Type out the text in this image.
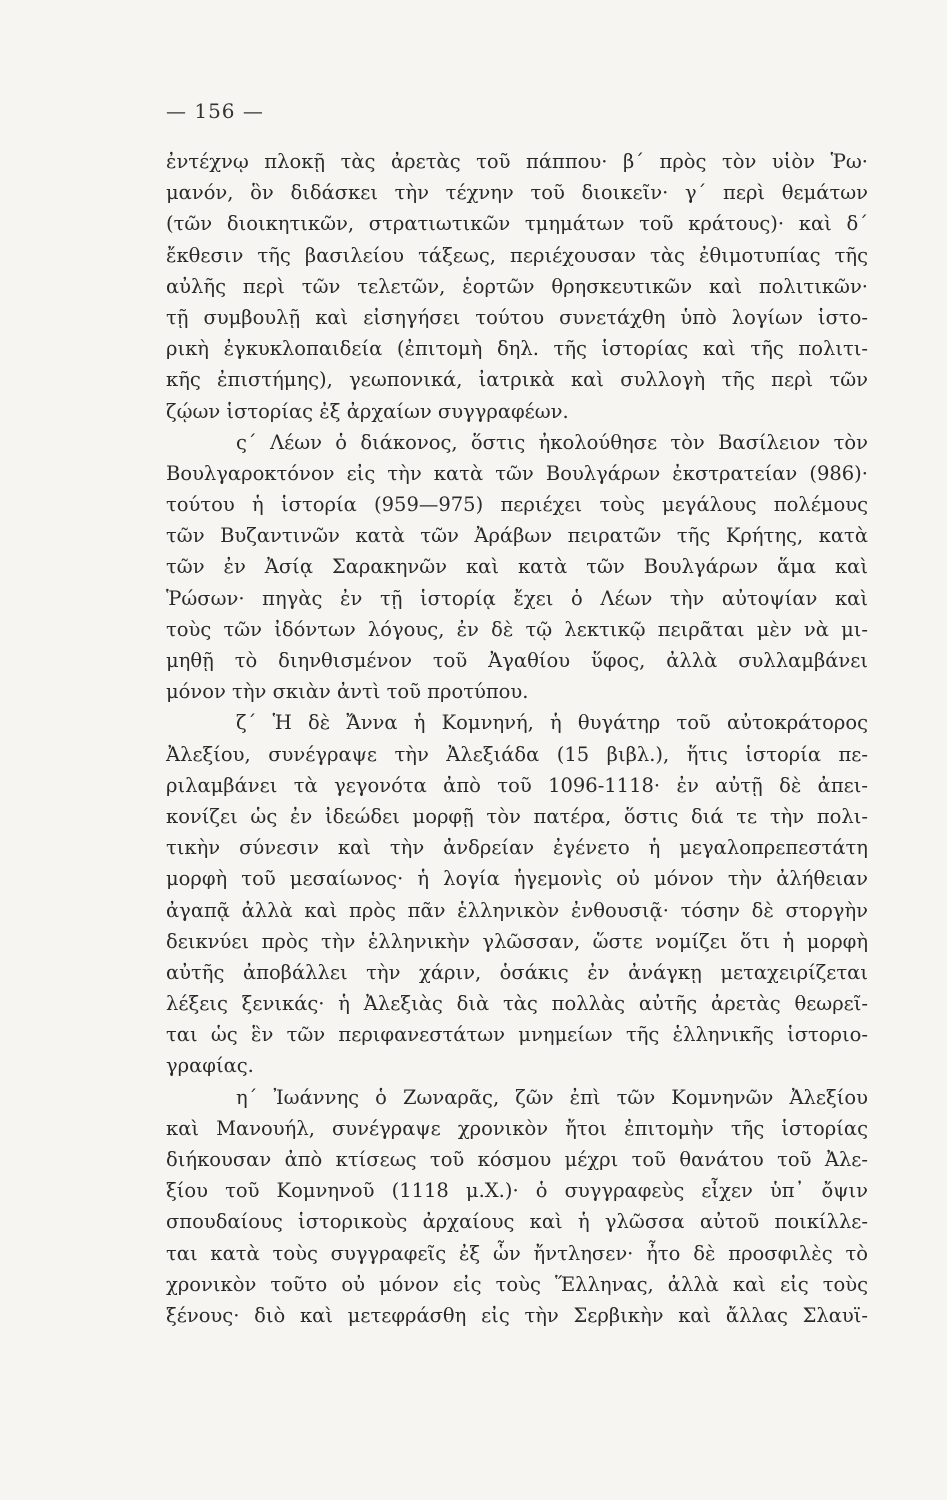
— 156 —
ἐντέχνῳ πλοκῇ τὰς ἀρετὰς τοῦ πάππου· β΄ πρὸς τὸν υἱὸν Ῥω·
μανόν, ὃν διδάσκει τὴν τέχνην τοῦ διοικεῖν· γ΄ περὶ θεμάτων
(τῶν διοικητικῶν, στρατιωτικῶν τμημάτων τοῦ κράτους)· καὶ δ΄
ἔκθεσιν τῆς βασιλείου τάξεως, περιέχουσαν τὰς ἐθιμοτυπίας τῆς
αὐλῆς περὶ τῶν τελετῶν, ἑορτῶν θρησκευτικῶν καὶ πολιτικῶν·
τῇ συμβουλῇ καὶ εἰσηγήσει τούτου συνετάχθη ὑπὸ λογίων ἱστο-
ρικὴ ἐγκυκλοπαιδεία (ἐπιτομὴ δηλ. τῆς ἱστορίας καὶ τῆς πολιτι-
κῆς ἐπιστήμης), γεωπονικά, ἰατρικὰ καὶ συλλογὴ τῆς περὶ τῶν
ζῴων ἱστορίας ἐξ ἀρχαίων συγγραφέων.
ς΄ Λέων ὁ διάκονος, ὅστις ἠκολούθησε τὸν Βασίλειον τὸν
Βουλγαροκτόνον εἰς τὴν κατὰ τῶν Βουλγάρων ἐκστρατείαν (986)·
τούτου ἡ ἱστορία (959—975) περιέχει τοὺς μεγάλους πολέμους
τῶν Βυζαντινῶν κατὰ τῶν Ἀράβων πειρατῶν τῆς Κρήτης, κατὰ
τῶν ἐν Ἀσίᾳ Σαρακηνῶν καὶ κατὰ τῶν Βουλγάρων ἅμα καὶ
Ῥώσων· πηγὰς ἐν τῇ ἱστορίᾳ ἔχει ὁ Λέων τὴν αὐτοψίαν καὶ
τοὺς τῶν ἰδόντων λόγους, ἐν δὲ τῷ λεκτικῷ πειρᾶται μὲν νὰ μι-
μηθῇ τὸ διηνθισμένον τοῦ Ἀγαθίου ὕφος, ἀλλὰ συλλαμβάνει
μόνον τὴν σκιὰν ἀντὶ τοῦ προτύπου.
ζ΄ Ἡ δὲ Ἄννα ἡ Κομνηνή, ἡ θυγάτηρ τοῦ αὐτοκράτορος
Ἀλεξίου, συνέγραψε τὴν Ἀλεξιάδα (15 βιβλ.), ἥτις ἱστορία πε-
ριλαμβάνει τὰ γεγονότα ἀπὸ τοῦ 1096-1118· ἐν αὐτῇ δὲ ἀπει-
κονίζει ὡς ἐν ἰδεώδει μορφῇ τὸν πατέρα, ὅστις διά τε τὴν πολι-
τικὴν σύνεσιν καὶ τὴν ἀνδρείαν ἐγένετο ἡ μεγαλοπρεπεστάτη
μορφὴ τοῦ μεσαίωνος· ἡ λογία ἡγεμονὶς οὐ μόνον τὴν ἀλήθειαν
ἀγαπᾷ ἀλλὰ καὶ πρὸς πᾶν ἑλληνικὸν ἐνθουσιᾷ· τόσην δὲ στοργὴν
δεικνύει πρὸς τὴν ἑλληνικὴν γλῶσσαν, ὥστε νομίζει ὅτι ἡ μορφὴ
αὐτῆς ἀποβάλλει τὴν χάριν, ὁσάκις ἐν ἀνάγκῃ μεταχειρίζεται
λέξεις ξενικάς· ἡ Ἀλεξιὰς διὰ τὰς πολλὰς αὐτῆς ἀρετὰς θεωρεῖ-
ται ὡς ἓν τῶν περιφανεστάτων μνημείων τῆς ἑλληνικῆς ἱστοριο-
γραφίας.
η΄ Ἰωάννης ὁ Ζωναρᾶς, ζῶν ἐπὶ τῶν Κομνηνῶν Ἀλεξίου
καὶ Μανουήλ, συνέγραψε χρονικὸν ἤτοι ἐπιτομὴν τῆς ἱστορίας
διήκουσαν ἀπὸ κτίσεως τοῦ κόσμου μέχρι τοῦ θανάτου τοῦ Ἀλε-
ξίου τοῦ Κομνηνοῦ (1118 μ.Χ.)· ὁ συγγραφεὺς εἶχεν ὑπ᾿ ὄψιν
σπουδαίους ἱστορικοὺς ἀρχαίους καὶ ἡ γλῶσσα αὐτοῦ ποικίλλε-
ται κατὰ τοὺς συγγραφεῖς ἐξ ὧν ἤντλησεν· ἦτο δὲ προσφιλὲς τὸ
χρονικὸν τοῦτο οὐ μόνον εἰς τοὺς Ἕλληνας, ἀλλὰ καὶ εἰς τοὺς
ξένους· διὸ καὶ μετεφράσθη εἰς τὴν Σερβικὴν καὶ ἄλλας Σλαυϊ-
